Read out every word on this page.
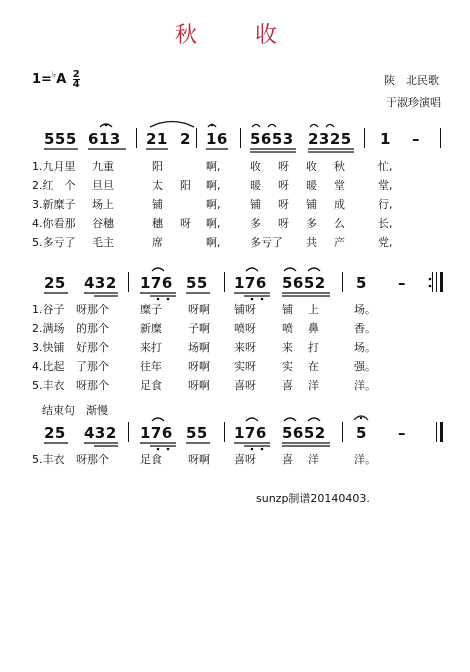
秋　收
$1=^♭A \frac{2}{4}$	陕　北民歌
于淑珍演唱
555 613 21 2 16 5653 2325 1 –
1.九月里 九重	阳	啊,	收 呀 收 秋	忙,
2.红　个 旦旦	太 阳 啊,	暖 呀 暖 堂	堂,
3.新糜子 场上	铺	啊,	铺 呀 铺 成	行,
4.你看那 谷穗	穗 呀 啊,	多 呀 多 么	长,
5.多亏了 毛主	席	啊,	多亏了 共 产	党,
25 432 176 55 176 5652 5 –
1.谷子 呀那个	糜子 呀啊 铺呀 铺 上	场。
2.满场 的那个	新糜 子啊 喷呀 喷 鼻	香。
3.快铺 好那个	来打 场啊 来呀 来 打	场。
4.比起 了那个	往年 呀啊 实呀 实 在	强。
5.丰衣 呀那个	足食 呀啊 喜呀 喜 洋	洋。
结束句　渐慢
25 432 176 55 176 5652 5 –
5.丰衣 呀那个	足食 呀啊 喜呀 喜 洋	洋。
sunzp制谱20140403.
